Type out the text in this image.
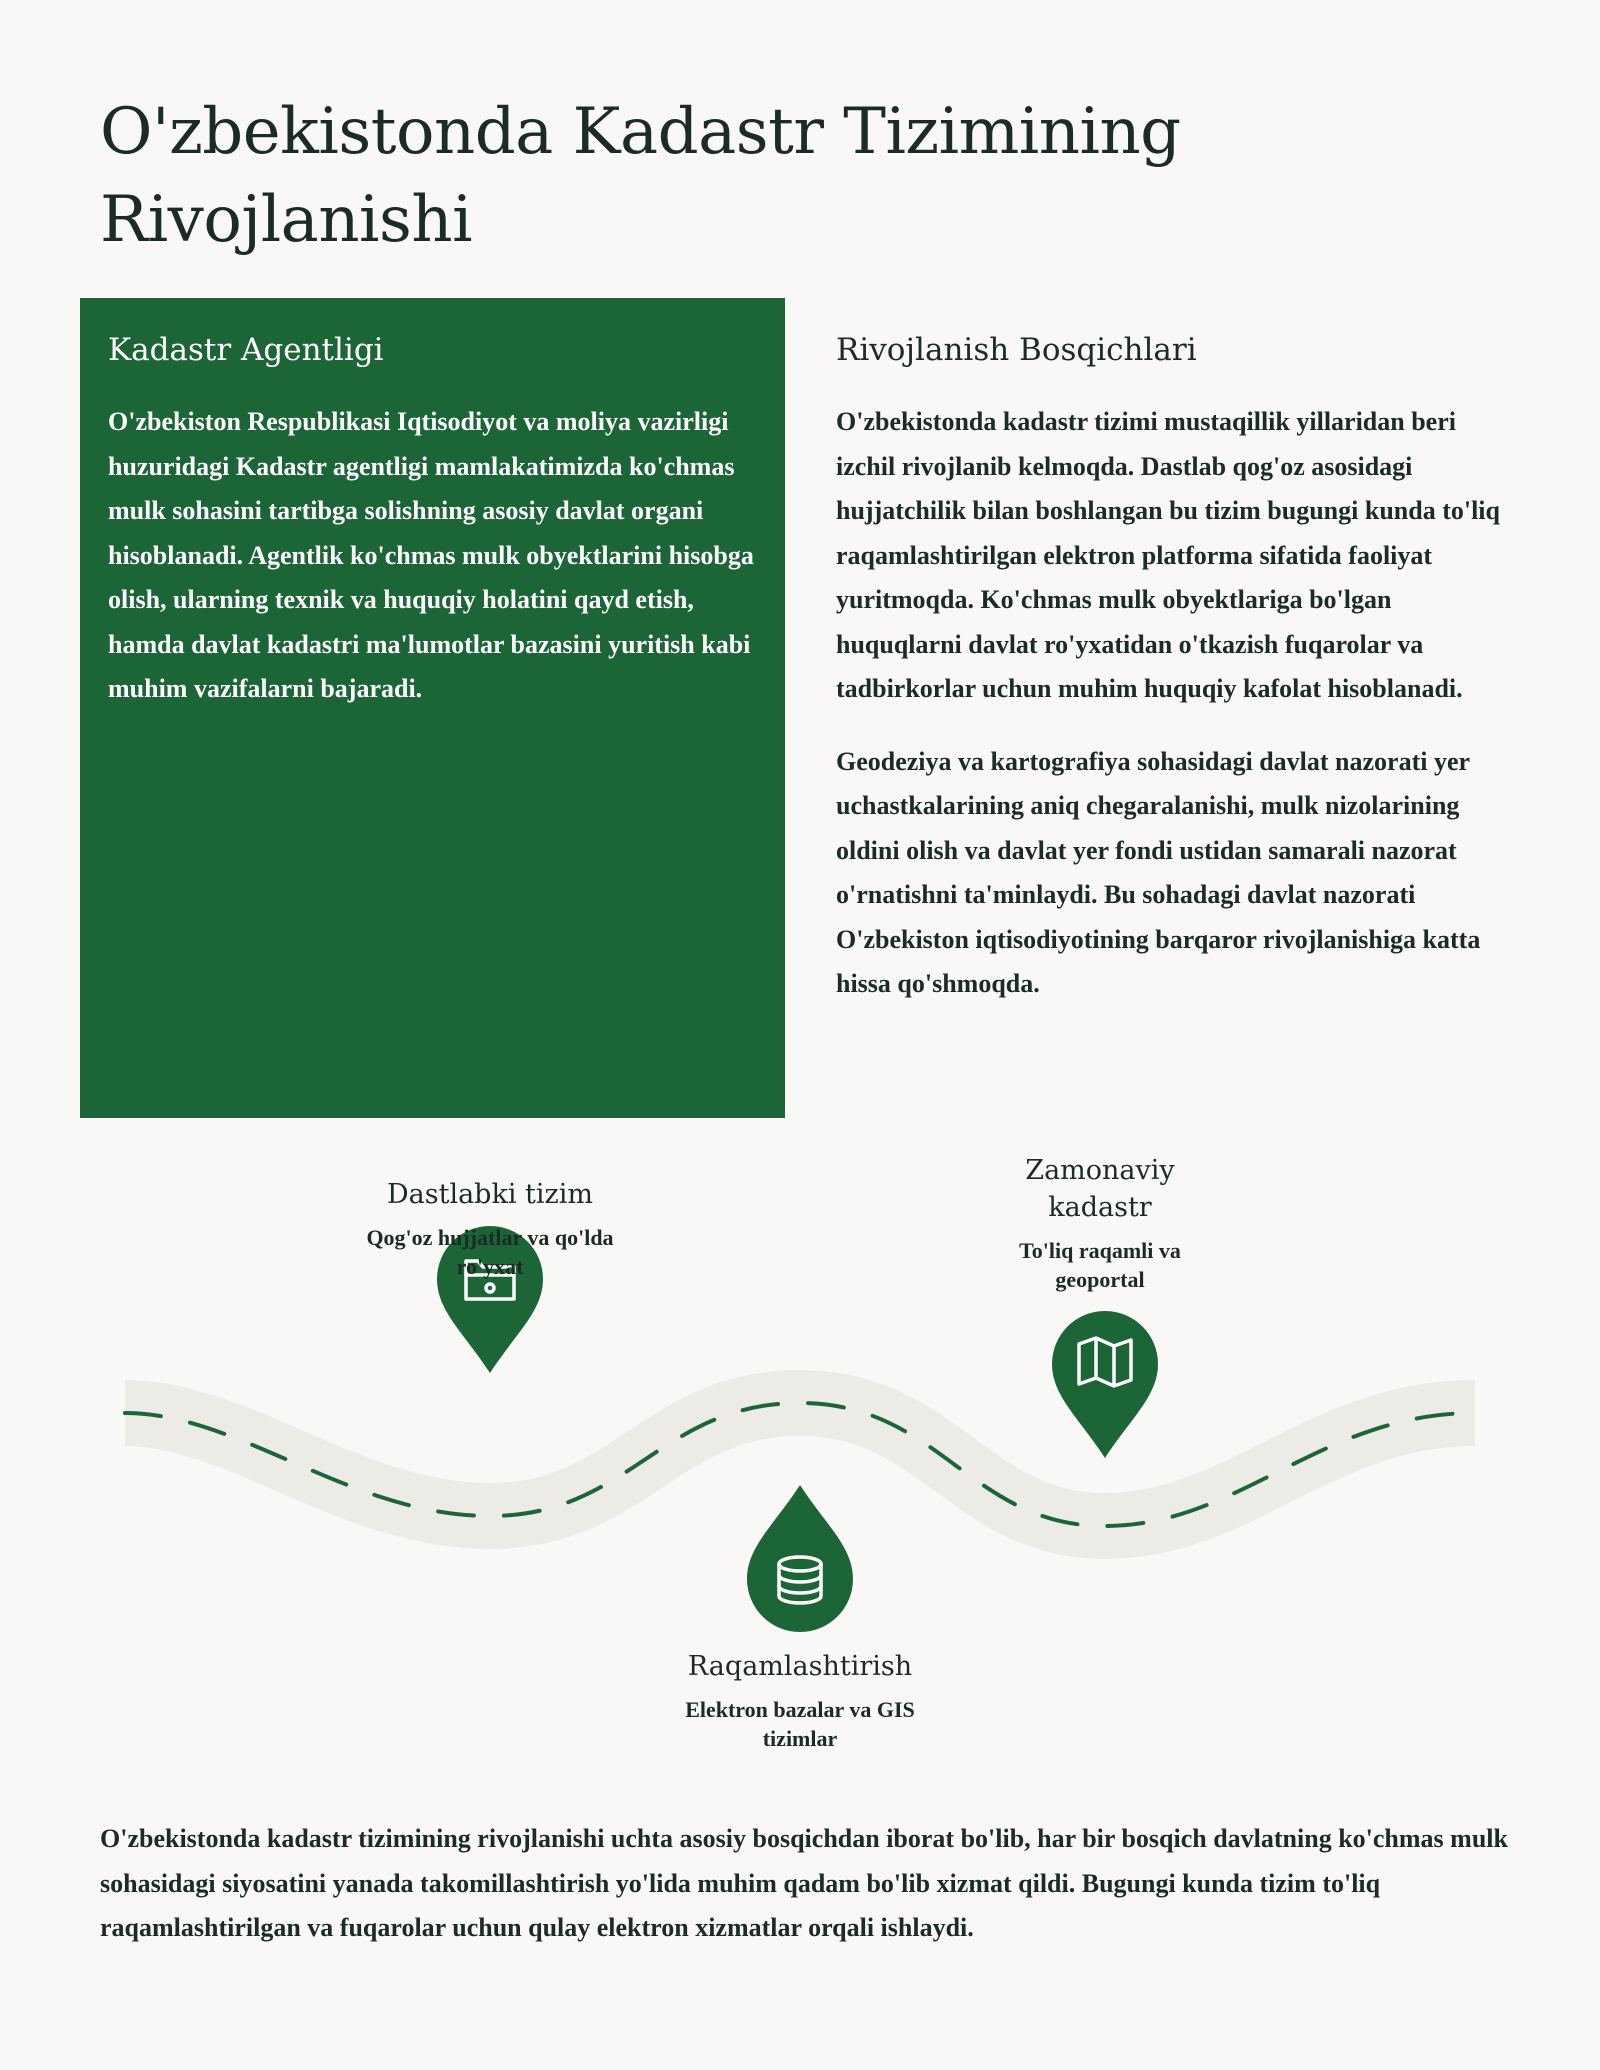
O'zbekistonda Kadastr Tizimining Rivojlanishi
Kadastr Agentligi

O'zbekiston Respublikasi Iqtisodiyot va moliya vazirligi huzuridagi Kadastr agentligi mamlakatimizda ko'chmas mulk sohasini tartibga solishning asosiy davlat organi hisoblanadi. Agentlik ko'chmas mulk obyektlarini hisobga olish, ularning texnik va huquqiy holatini qayd etish, hamda davlat kadastri ma'lumotlar bazasini yuritish kabi muhim vazifalarni bajaradi.

Rivojlanish Bosqichlari

O'zbekistonda kadastr tizimi mustaqillik yillaridan beri izchil rivojlanib kelmoqda. Dastlab qog'oz asosidagi hujjatchilik bilan boshlangan bu tizim bugungi kunda to'liq raqamlashtirilgan elektron platforma sifatida faoliyat yuritmoqda. Ko'chmas mulk obyektlariga bo'lgan huquqlarni davlat ro'yxatidan o'tkazish fuqarolar va tadbirkorlar uchun muhim huquqiy kafolat hisoblanadi.

Geodeziya va kartografiya sohasidagi davlat nazorati yer uchastkalarining aniq chegaralanishi, mulk nizolarining oldini olish va davlat yer fondi ustidan samarali nazorat o'rnatishni ta'minlaydi. Bu sohadagi davlat nazorati O'zbekiston iqtisodiyotining barqaror rivojlanishiga katta hissa qo'shmoqda.

Dastlabki tizim
Qog'oz hujjatlar va qo'lda ro'yxat
Zamonaviy kadastr
To'liq raqamli va geoportal
Raqamlashtirish
Elektron bazalar va GIS tizimlar

O'zbekistonda kadastr tizimining rivojlanishi uchta asosiy bosqichdan iborat bo'lib, har bir bosqich davlatning ko'chmas mulk sohasidagi siyosatini yanada takomillashtirish yo'lida muhim qadam bo'lib xizmat qildi. Bugungi kunda tizim to'liq raqamlashtirilgan va fuqarolar uchun qulay elektron xizmatlar orqali ishlaydi.
